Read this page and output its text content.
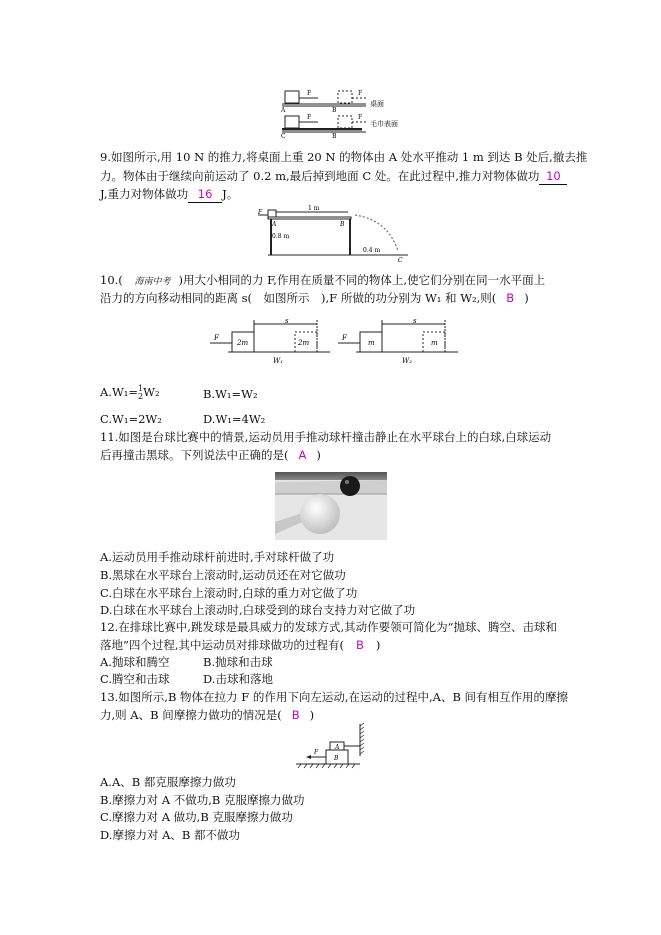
F	F
A	B
桌面
F	F
C	B
毛巾表面
9.如图所示,用 10 N 的推力,将桌面上重 20 N 的物体由 A 处水平推动 1 m 到达 B 处后,撤去推
力。物体由于继续向前运动了 0.2 m,最后掉到地面 C 处。在此过程中,推力对物体做功 10
J,重力对物体做功 16 J。
F
1 m
A	B
0.8 m
0.4 m
C
10.( 海南中考 )用大小相同的力 F,作用在质量不同的物体上,使它们分别在同一水平面上
沿力的方向移动相同的距离 s(　如图所示　),F 所做的功分别为 W₁ 和 W₂,则( B )
F
2m
s
2m
W₁
F
m
s
m
W₂
A.W₁= 1
2 W₂	B.W₁=W₂
C.W₁=2W₂	D.W₁=4W₂
11.如图是台球比赛中的情景,运动员用手推动球杆撞击静止在水平球台上的白球,白球运动
后再撞击黑球。下列说法中正确的是( A )
A.运动员用手推动球杆前进时,手对球杆做了功
B.黑球在水平球台上滚动时,运动员还在对它做功
C.白球在水平球台上滚动时,白球的重力对它做了功
D.白球在水平球台上滚动时,白球受到的球台支持力对它做了功
12.在排球比赛中,跳发球是最具威力的发球方式,其动作要领可简化为“抛球、腾空、击球和
落地”四个过程,其中运动员对排球做功的过程有( B )
A.抛球和腾空	B.抛球和击球
C.腾空和击球	D.击球和落地
13.如图所示,B 物体在拉力 F 的作用下向左运动,在运动的过程中,A、B 间有相互作用的摩擦
力,则 A、B 间摩擦力做功的情况是( B )
A
B
F
A.A、B 都克服摩擦力做功
B.摩擦力对 A 不做功,B 克服摩擦力做功
C.摩擦力对 A 做功,B 克服摩擦力做功
D.摩擦力对 A、B 都不做功
